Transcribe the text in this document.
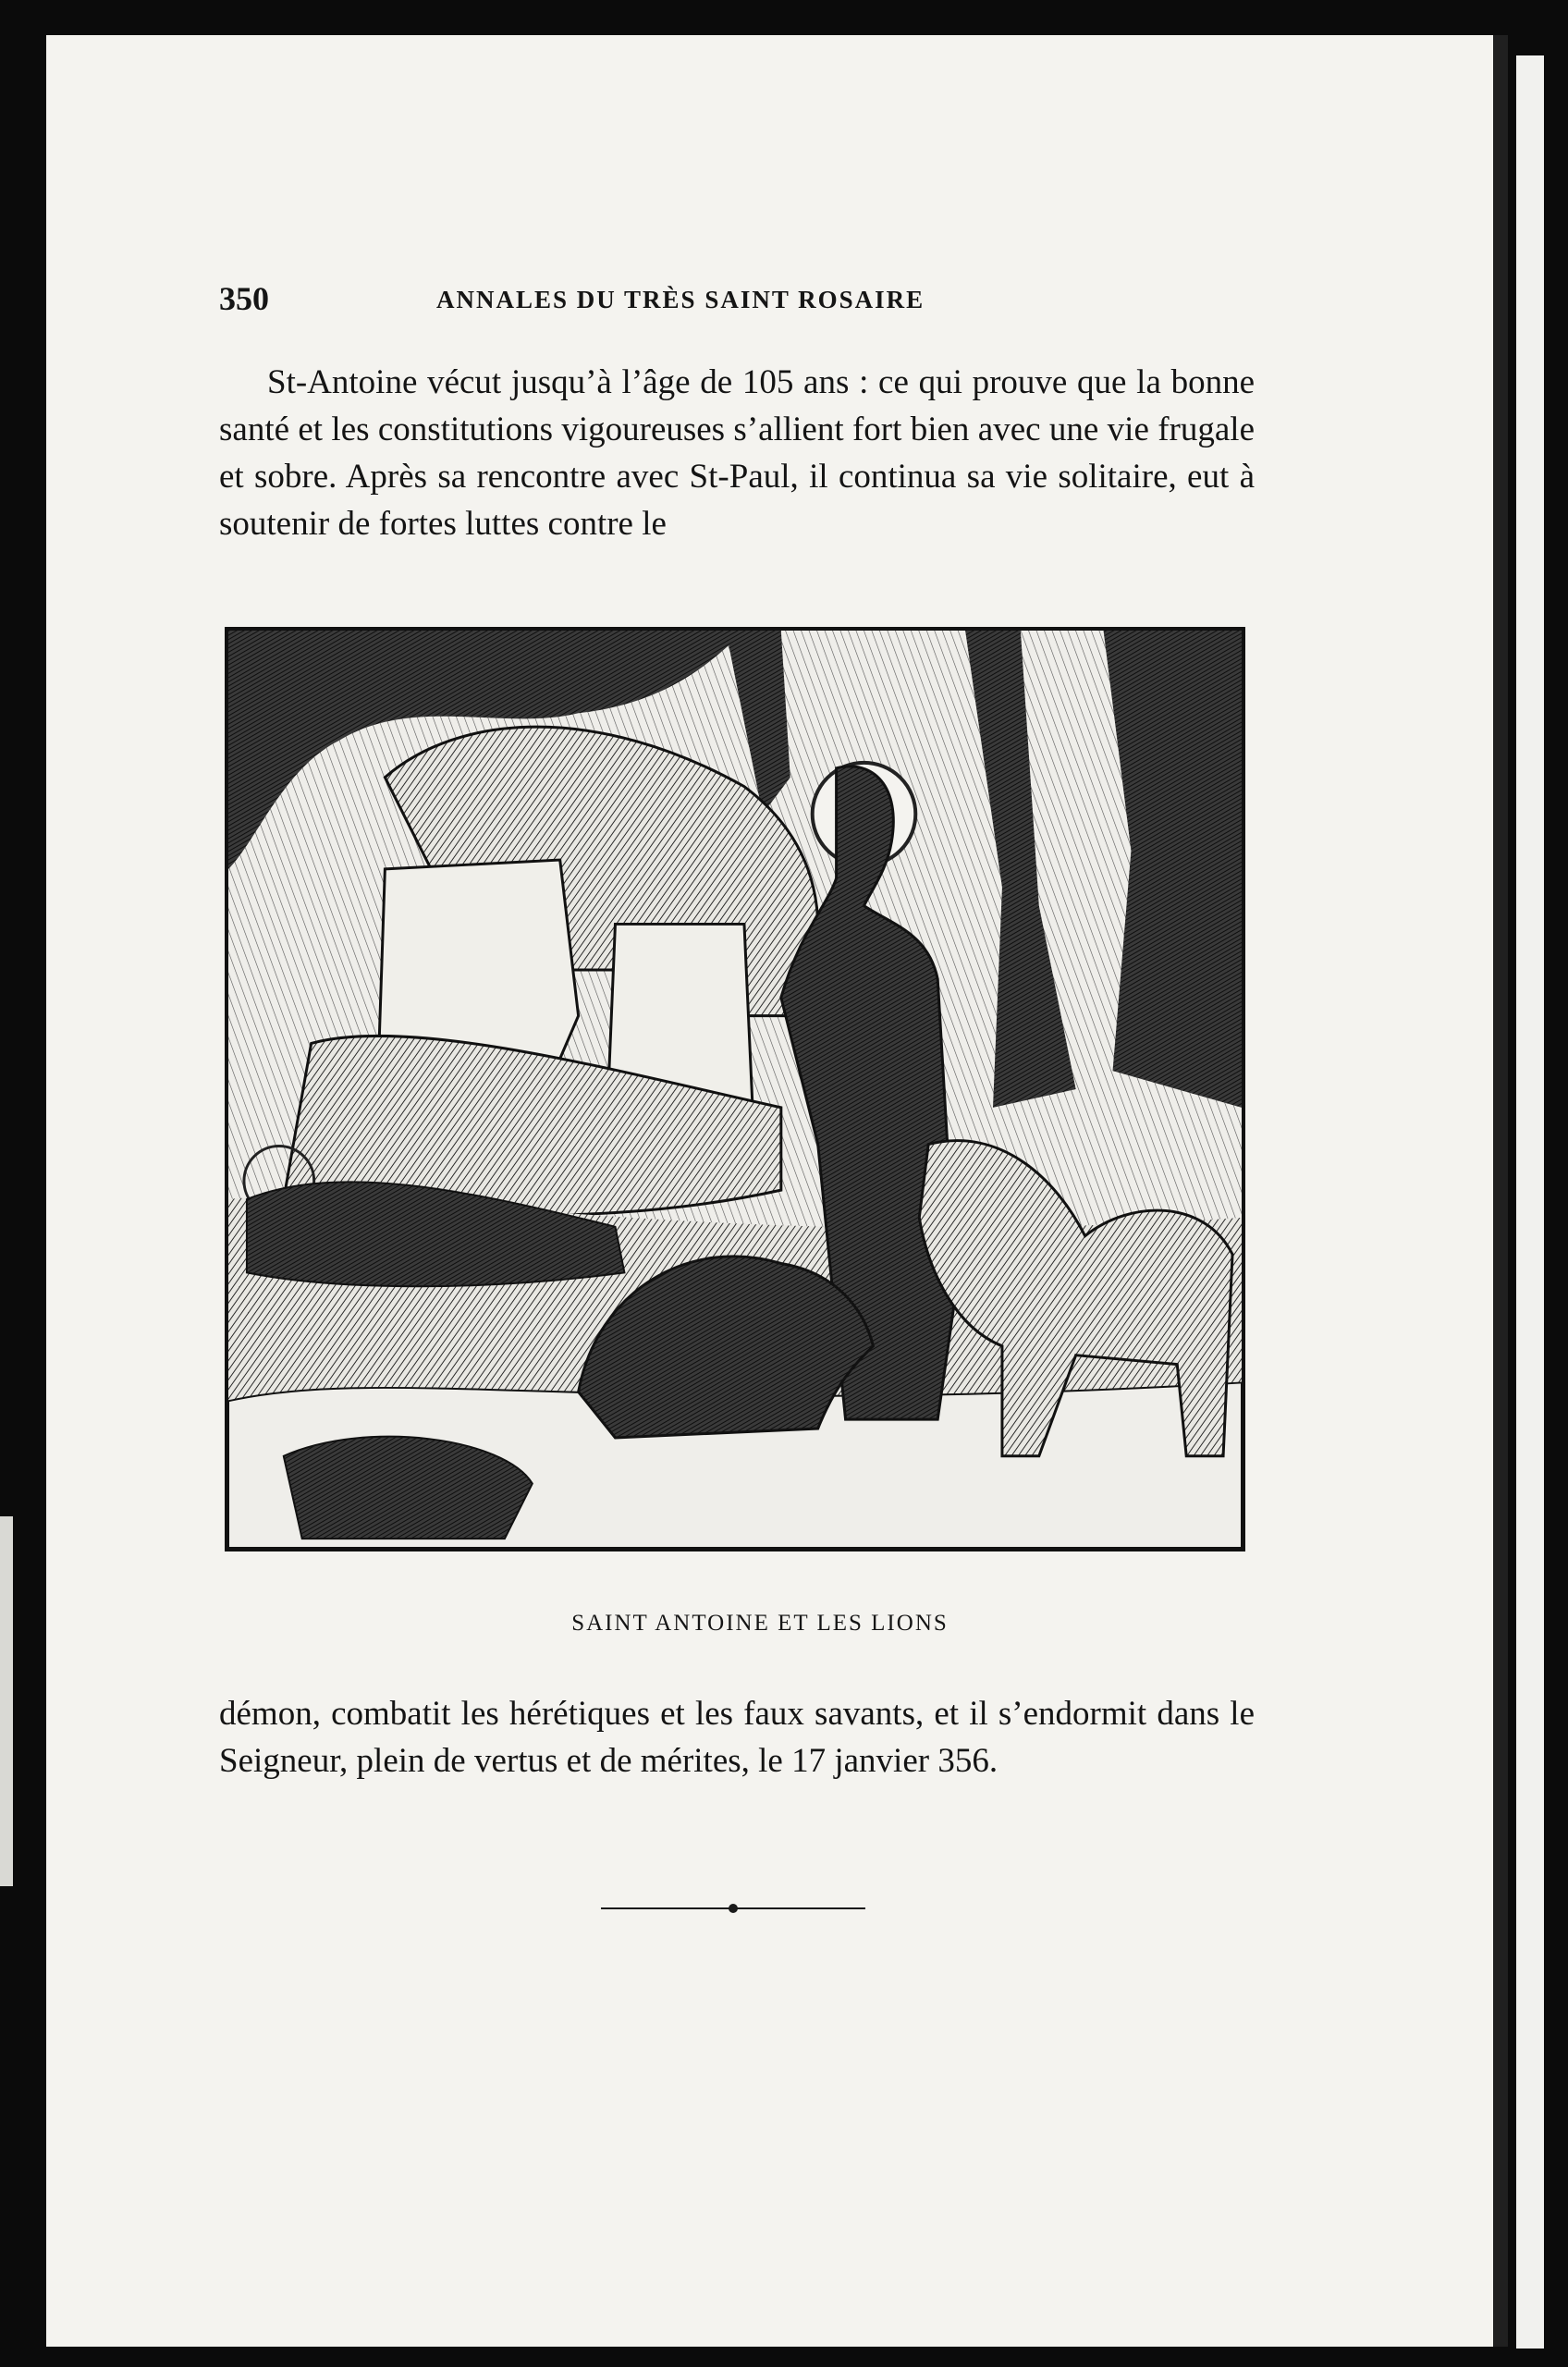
350	ANNALES DU TRÈS SAINT ROSAIRE

St-Antoine vécut jusqu’à l’âge de 105 ans : ce qui prouve que la bonne santé et les constitutions vigoureuses s’allient fort bien avec une vie frugale et sobre. Après sa rencontre avec St-Paul, il continua sa vie solitaire, eut à soutenir de fortes luttes contre le

SAINT ANTOINE ET LES LIONS

démon, combatit les hérétiques et les faux savants, et il s’endormit dans le Seigneur, plein de vertus et de mérites, le 17 janvier 356.
